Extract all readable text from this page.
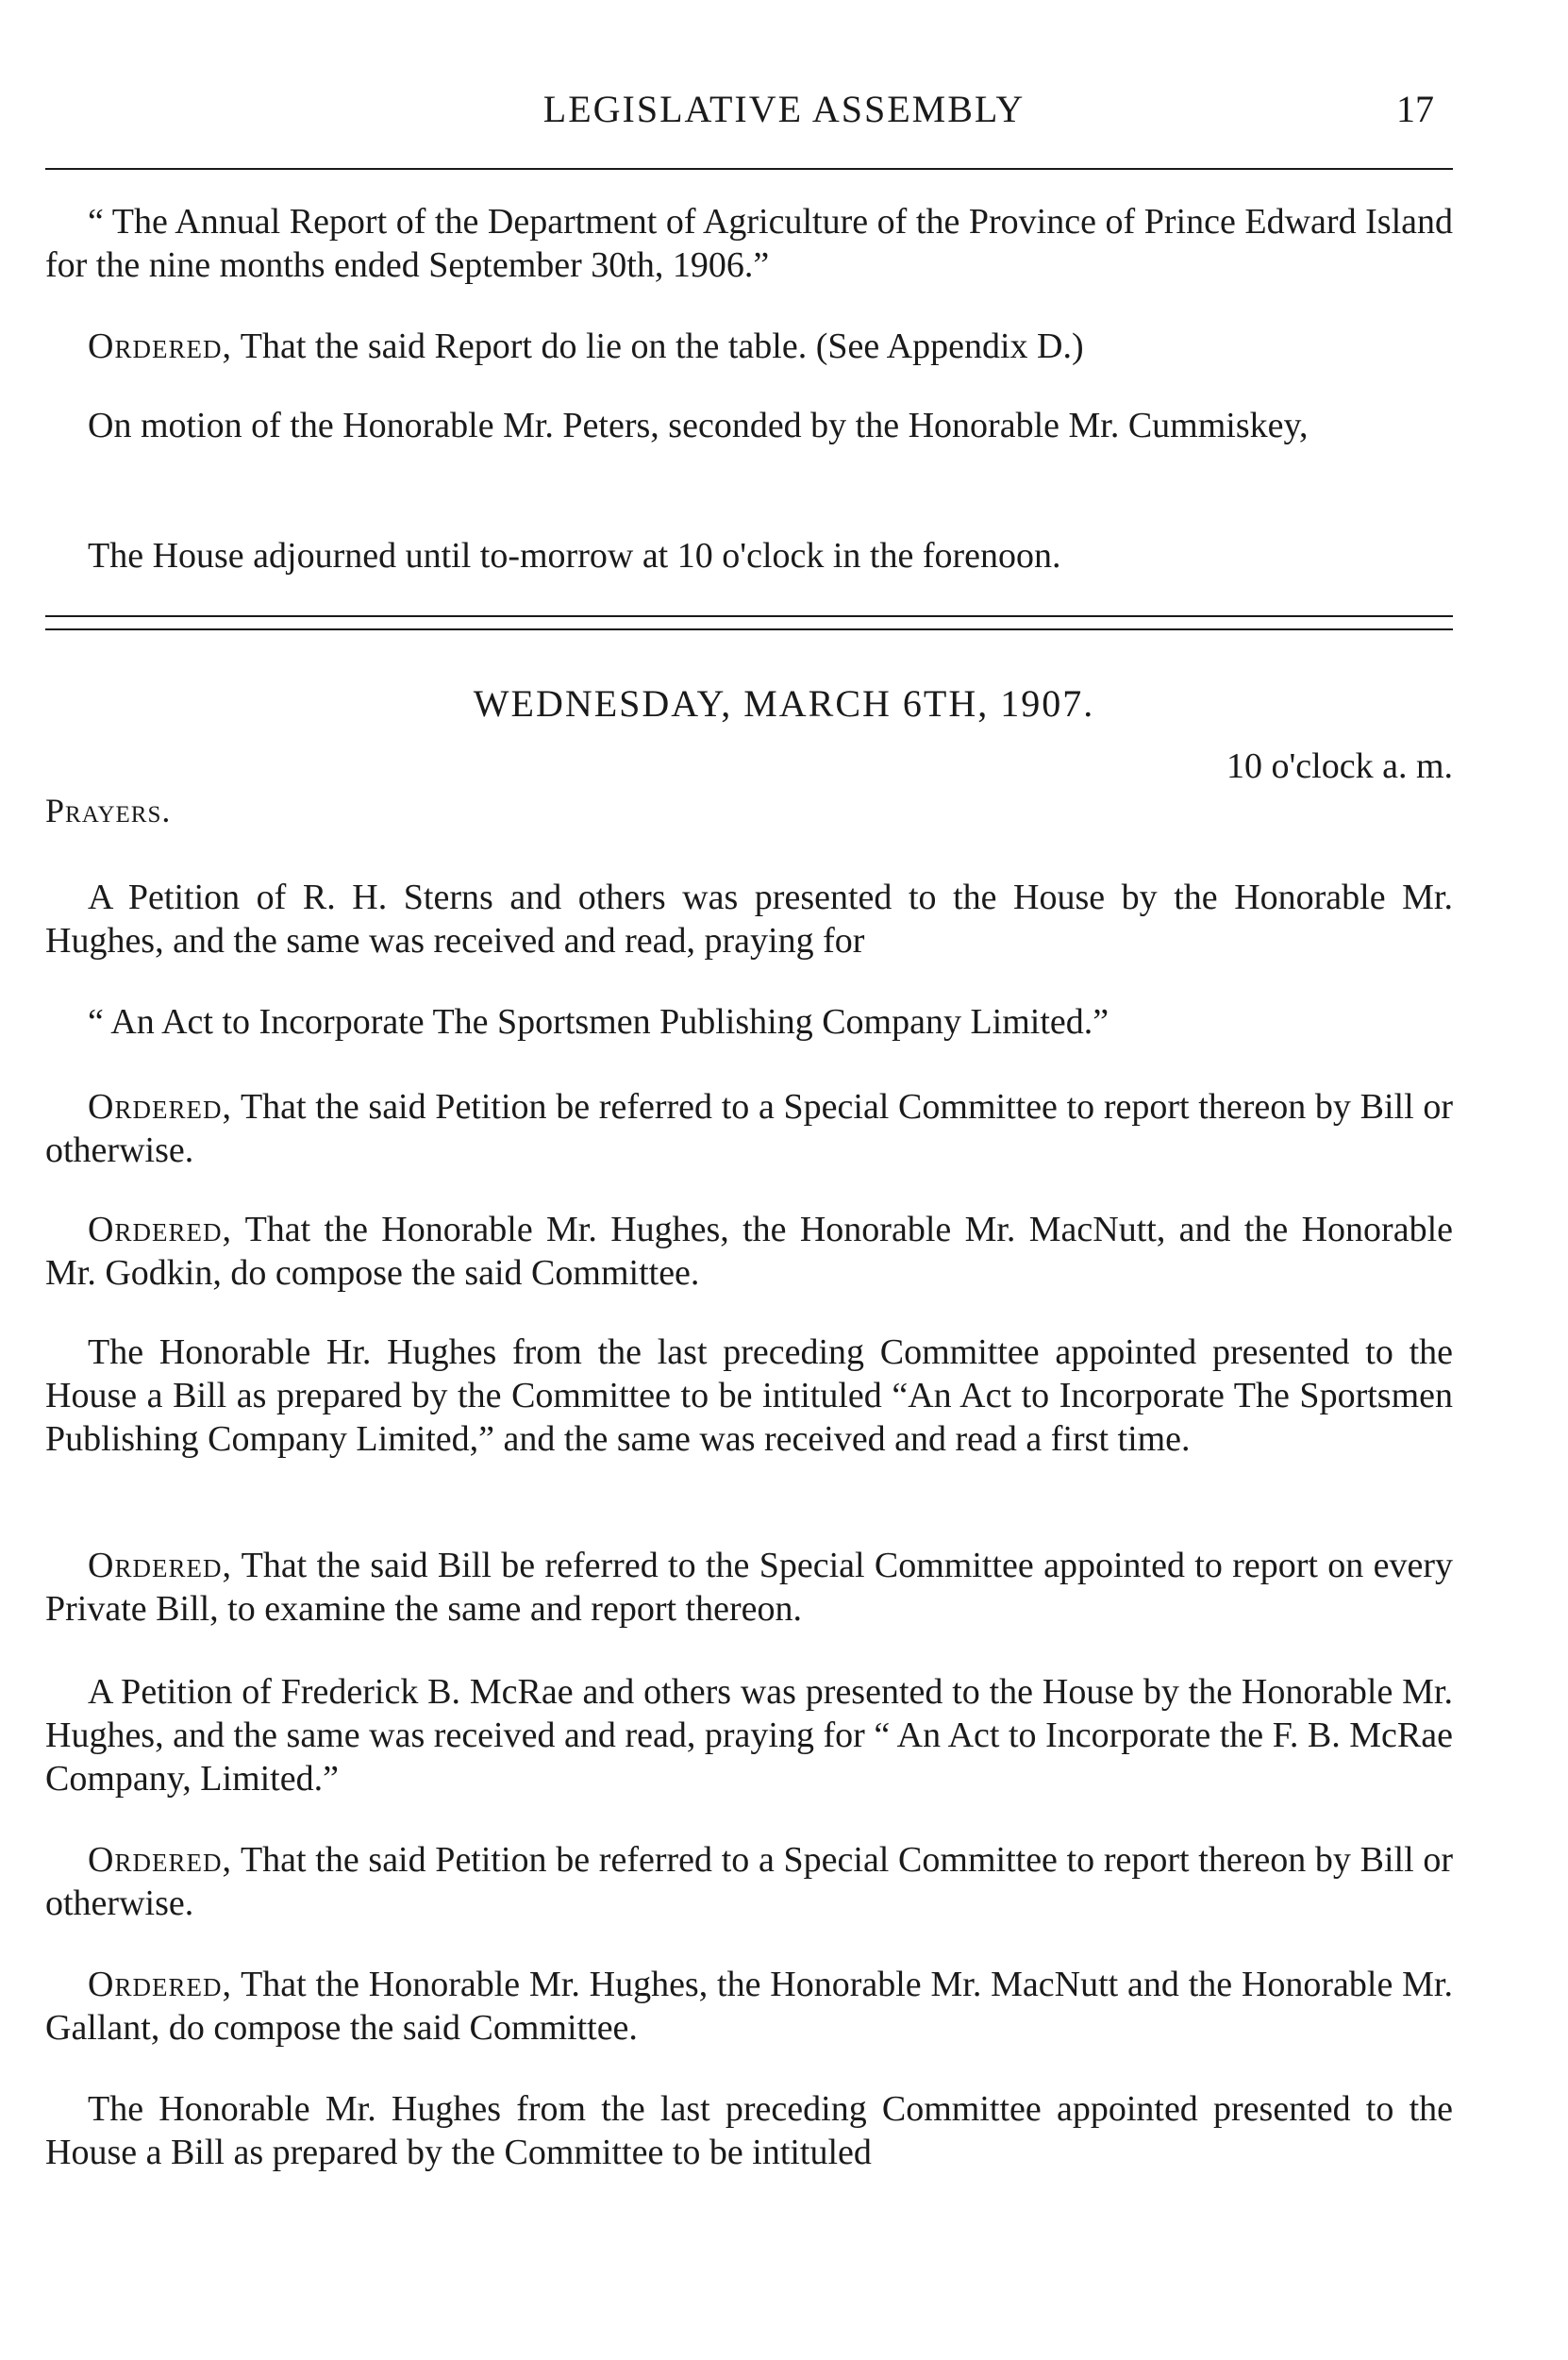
LEGISLATIVE ASSEMBLY	17

“ The Annual Report of the Department of Agriculture of the Province of Prince Edward Island for the nine months ended September 30th, 1906.”

Ordered, That the said Report do lie on the table. (See Appendix D.)

On motion of the Honorable Mr. Peters, seconded by the Honorable Mr. Cummiskey,

The House adjourned until to-morrow at 10 o'clock in the forenoon.

WEDNESDAY, MARCH 6TH, 1907.
10 o'clock a. m.
Prayers.

A Petition of R. H. Sterns and others was presented to the House by the Honorable Mr. Hughes, and the same was received and read, praying for

“ An Act to Incorporate The Sportsmen Publishing Company Limited.”

Ordered, That the said Petition be referred to a Special Committee to report thereon by Bill or otherwise.

Ordered, That the Honorable Mr. Hughes, the Honorable Mr. MacNutt, and the Honorable Mr. Godkin, do compose the said Committee.

The Honorable Hr. Hughes from the last preceding Committee appointed presented to the House a Bill as prepared by the Committee to be intituled “An Act to Incorporate The Sportsmen Publishing Company Limited,” and the same was received and read a first time.

Ordered, That the said Bill be referred to the Special Committee appointed to report on every Private Bill, to examine the same and report thereon.

A Petition of Frederick B. McRae and others was presented to the House by the Honorable Mr. Hughes, and the same was received and read, praying for “ An Act to Incorporate the F. B. McRae Company, Limited.”

Ordered, That the said Petition be referred to a Special Committee to report thereon by Bill or otherwise.

Ordered, That the Honorable Mr. Hughes, the Honorable Mr. MacNutt and the Honorable Mr. Gallant, do compose the said Committee.

The Honorable Mr. Hughes from the last preceding Committee appointed presented to the House a Bill as prepared by the Committee to be intituled
